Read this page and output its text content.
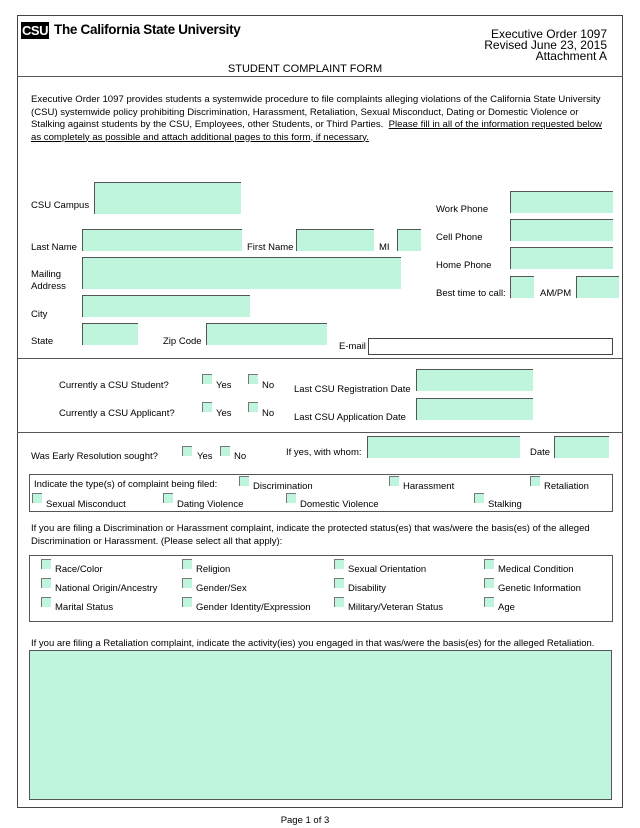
CSU The California State University	Executive Order 1097
Revised June 23, 2015
Attachment A
STUDENT COMPLAINT FORM
Executive Order 1097 provides students a systemwide procedure to file complaints alleging violations of the California State University (CSU) systemwide policy prohibiting Discrimination, Harassment, Retaliation, Sexual Misconduct, Dating or Domestic Violence or Stalking against students by the CSU, Employees, other Students, or Third Parties. Please fill in all of the information requested below as completely as possible and attach additional pages to this form, if necessary.
CSU Campus
Last Name	First Name	MI
Mailing
Address
City
State	Zip Code	E-mail
Work Phone
Cell Phone
Home Phone
Best time to call:	AM/PM
Currently a CSU Student?	Yes	No Last CSU Registration Date
Currently a CSU Applicant?	Yes	No Last CSU Application Date
Was Early Resolution sought?	Yes No	If yes, with whom:	Date
Indicate the type(s) of complaint being filed:	Discrimination	Harassment	Retaliation
Sexual Misconduct	Dating Violence	Domestic Violence	Stalking
If you are filing a Discrimination or Harassment complaint, indicate the protected status(es) that was/were the basis(es) of the alleged Discrimination or Harassment. (Please select all that apply):
Race/Color	Religion	Sexual Orientation	Medical Condition
National Origin/Ancestry	Gender/Sex	Disability	Genetic Information
Marital Status	Gender Identity/Expression	Military/Veteran Status	Age
If you are filing a Retaliation complaint, indicate the activity(ies) you engaged in that was/were the basis(es) for the alleged Retaliation.
Page 1 of 3
